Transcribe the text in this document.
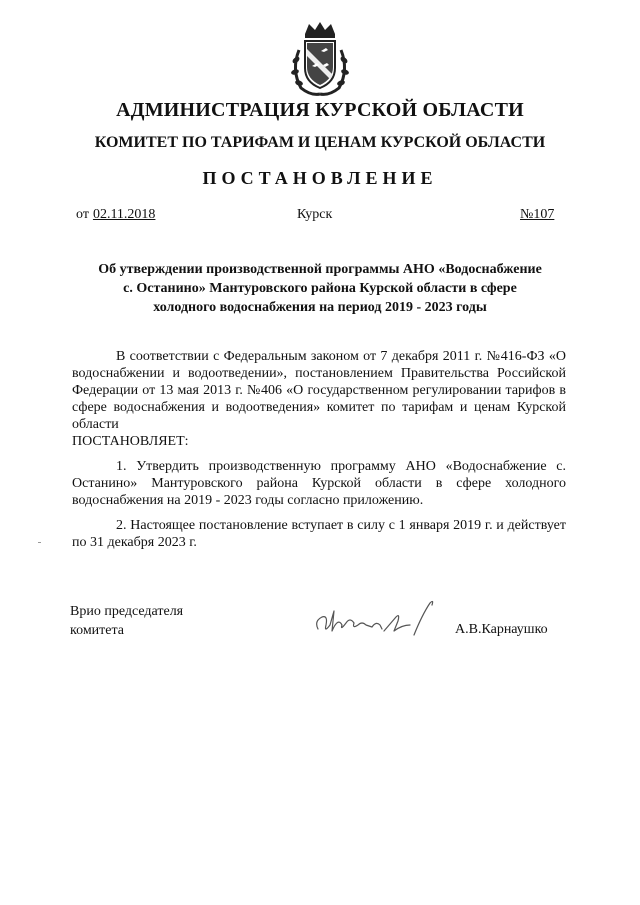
АДМИНИСТРАЦИЯ КУРСКОЙ ОБЛАСТИ
КОМИТЕТ ПО ТАРИФАМ И ЦЕНАМ КУРСКОЙ ОБЛАСТИ
ПОСТАНОВЛЕНИЕ
от 02.11.2018	Курск	№107
Об утверждении производственной программы АНО «Водоснабжение
с. Останино» Мантуровского района Курской области в сфере
холодного водоснабжения на период 2019 - 2023 годы

В соответствии с Федеральным законом от 7 декабря 2011 г. №416-ФЗ «О водоснабжении и водоотведении», постановлением Правительства Российской Федерации от 13 мая 2013 г. №406 «О государственном регулировании тарифов в сфере водоснабжения и водоотведения» комитет по тарифам и ценам Курской области

ПОСТАНОВЛЯЕТ:

1. Утвердить производственную программу АНО «Водоснабжение с. Останино» Мантуровского района Курской области в сфере холодного водоснабжения на 2019 - 2023 годы согласно приложению.

2. Настоящее постановление вступает в силу с 1 января 2019 г. и действует по 31 декабря 2023 г.

Врио председателя
комитета	А.В.Карнаушко
